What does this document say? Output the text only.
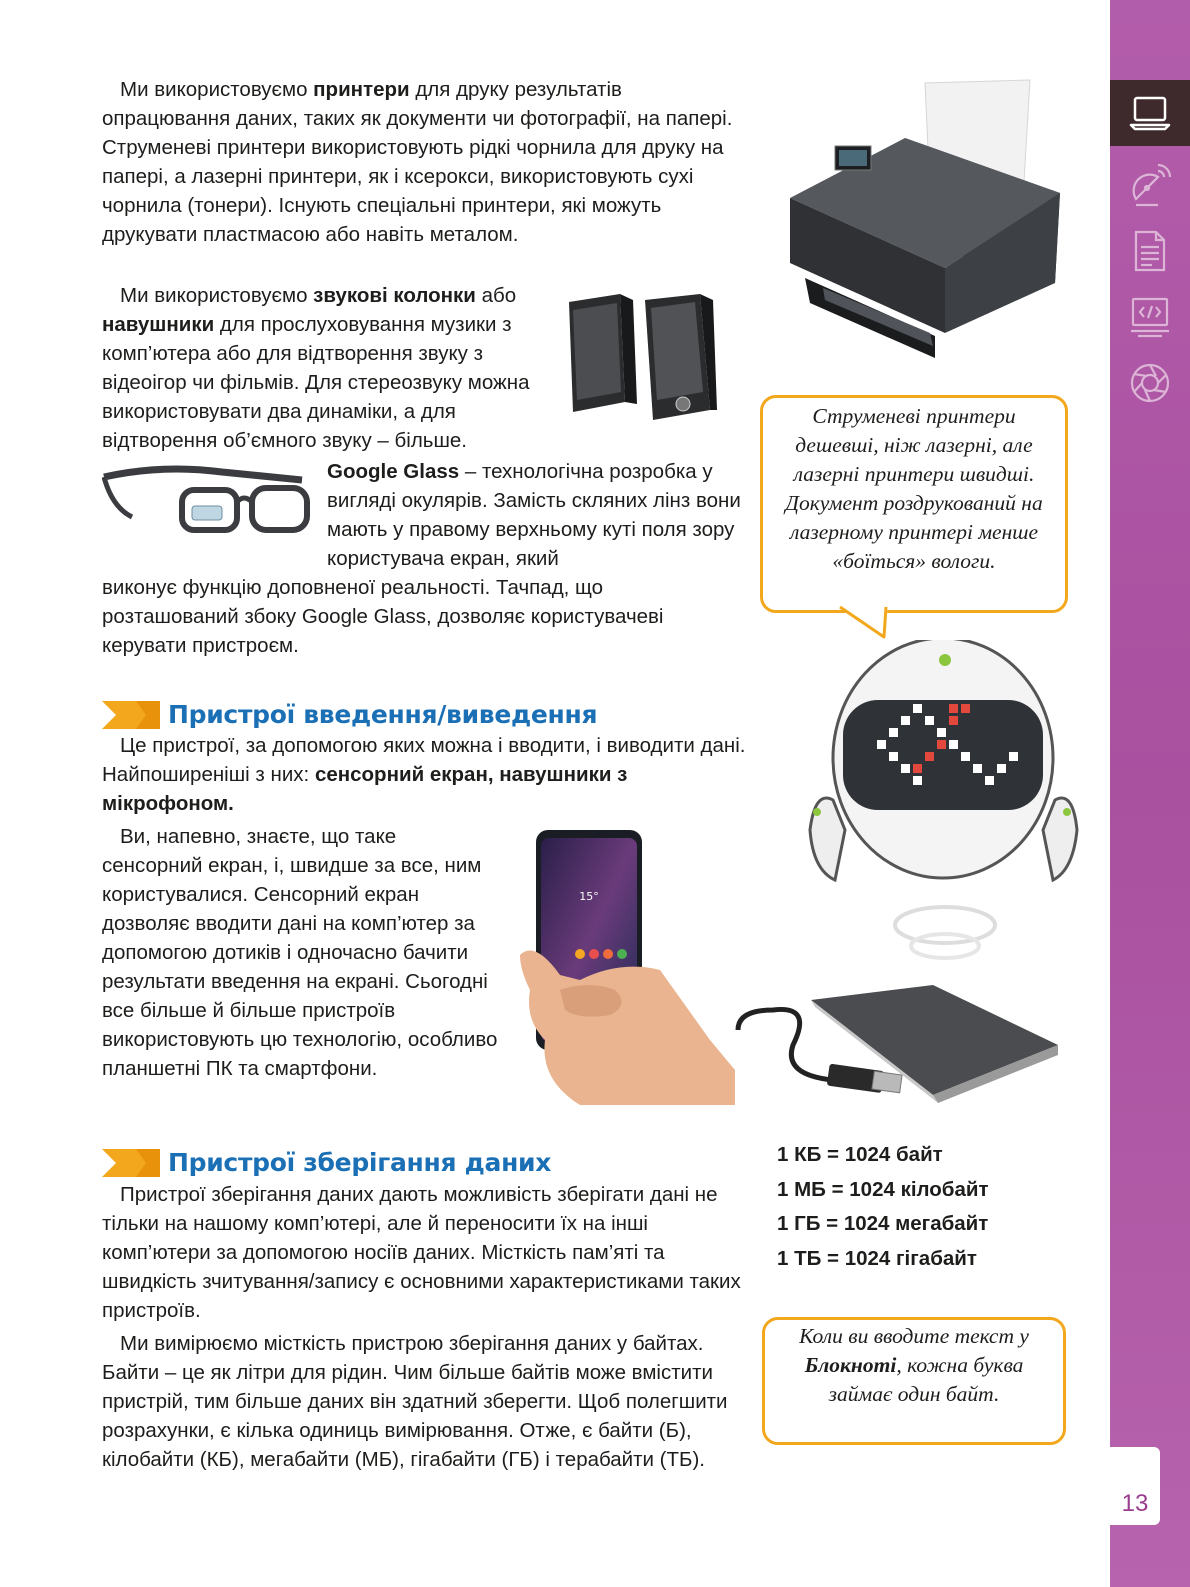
13
Ми використовуємо принтери для друку результатів опрацювання даних, таких як документи чи фотографії, на папері. Струменеві принтери використовують рідкі чорнила для друку на папері, а лазерні принтери, як і ксерокси, використовують сухі чорнила (тонери). Існують спеціальні принтери, які можуть друкувати пластмасою або навіть металом.
Ми використовуємо звукові колонки або навушники для прослуховування музики з комп’ютера або для відтворення звуку з відеоігор чи фільмів. Для стереозвуку можна використовувати два динаміки, а для відтворення об’ємного звуку – більше.
Google Glass – технологічна розробка у вигляді окулярів. Замість скляних лінз вони мають у правому верхньому куті поля зору користувача екран, який
виконує функцію доповненої реальності. Тачпад, що розташований збоку Google Glass, дозволяє користувачеві керувати пристроєм.
Пристрої введення/виведення
Це пристрої, за допомогою яких можна і вводити, і виводити дані. Найпоширеніші з них: сенсорний екран, навушники з мікрофоном.
15°
Ви, напевно, знаєте, що таке сенсорний екран, і, швидше за все, ним користувалися. Сенсорний екран дозволяє вводити дані на комп’ютер за допомогою дотиків і одночасно бачити результати введення на екрані. Сьогодні все більше й більше пристроїв використовують цю технологію, особливо планшетні ПК та смартфони.
Пристрої зберігання даних
Пристрої зберігання даних дають можливість зберігати дані не тільки на нашому комп’ютері, але й переносити їх на інші комп’ютери за допомогою носіїв даних. Місткість пам’яті та швидкість зчитування/запису є основними характеристиками таких пристроїв.
Ми вимірюємо місткість пристрою зберігання даних у байтах. Байти – це як літри для рідин. Чим більше байтів може вмістити пристрій, тим більше даних він здатний зберегти. Щоб полегшити розрахунки, є кілька одиниць вимірювання. Отже, є байти (Б), кілобайти (КБ), мегабайти (МБ), гігабайти (ГБ) і терабайти (ТБ).
Струменеві принтери дешевші, ніж лазерні, але лазерні принтери швидші. Документ роздрукований на лазерному принтері менше «боїться» вологи.
1 КБ = 1024 байт
1 МБ = 1024 кілобайт
1 ГБ = 1024 мегабайт
1 ТБ = 1024 гігабайт
Коли ви вводите текст у Блокноті, кожна буква займає один байт.
